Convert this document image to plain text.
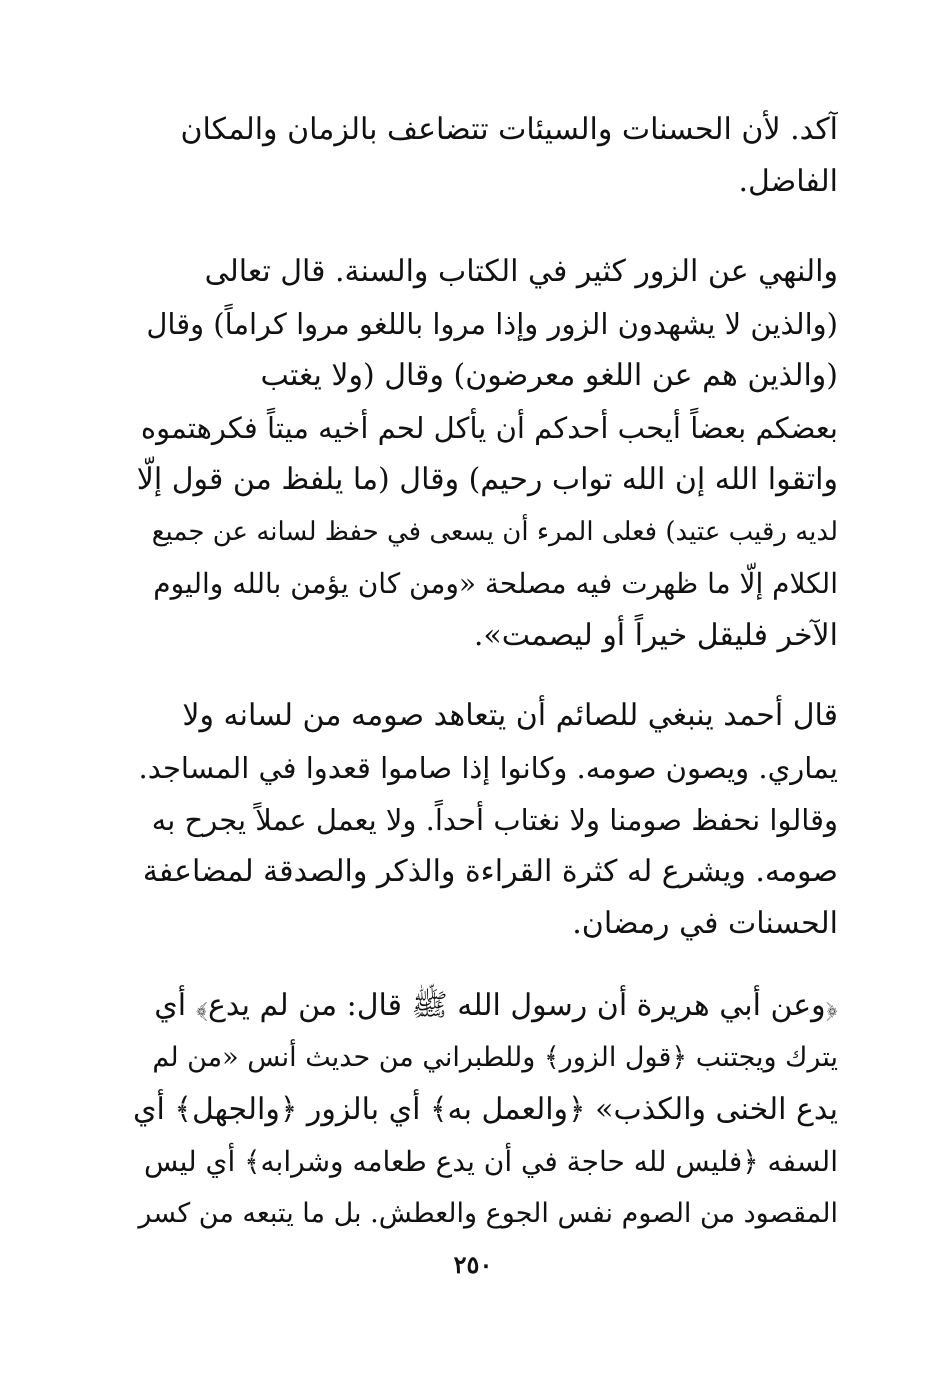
آكد. لأن الحسنات والسيئات تتضاعف بالزمان والمكان
الفاضل.
والنهي عن الزور كثير في الكتاب والسنة. قال تعالى
(والذين لا يشهدون الزور وإذا مروا باللغو مروا كراماً) وقال
(والذين هم عن اللغو معرضون) وقال (ولا يغتب
بعضكم بعضاً أيحب أحدكم أن يأكل لحم أخيه ميتاً فكرهتموه
واتقوا الله إن الله تواب رحيم) وقال (ما يلفظ من قول إلّا
لديه رقيب عتيد) فعلى المرء أن يسعى في حفظ لسانه عن جميع
الكلام إلّا ما ظهرت فيه مصلحة «ومن كان يؤمن بالله واليوم
الآخر فليقل خيراً أو ليصمت».
قال أحمد ينبغي للصائم أن يتعاهد صومه من لسانه ولا
يماري. ويصون صومه. وكانوا إذا صاموا قعدوا في المساجد.
وقالوا نحفظ صومنا ولا نغتاب أحداً. ولا يعمل عملاً يجرح به
صومه. ويشرع له كثرة القراءة والذكر والصدقة لمضاعفة
الحسنات في رمضان.
﴿وعن أبي هريرة أن رسول الله ﷺ قال: من لم يدع﴾ أي
يترك ويجتنب ﴿قول الزور﴾ وللطبراني من حديث أنس «من لم
يدع الخنى والكذب» ﴿والعمل به﴾ أي بالزور ﴿والجهل﴾ أي
السفه ﴿فليس لله حاجة في أن يدع طعامه وشرابه﴾ أي ليس
المقصود من الصوم نفس الجوع والعطش. بل ما يتبعه من كسر
٢٥٠
